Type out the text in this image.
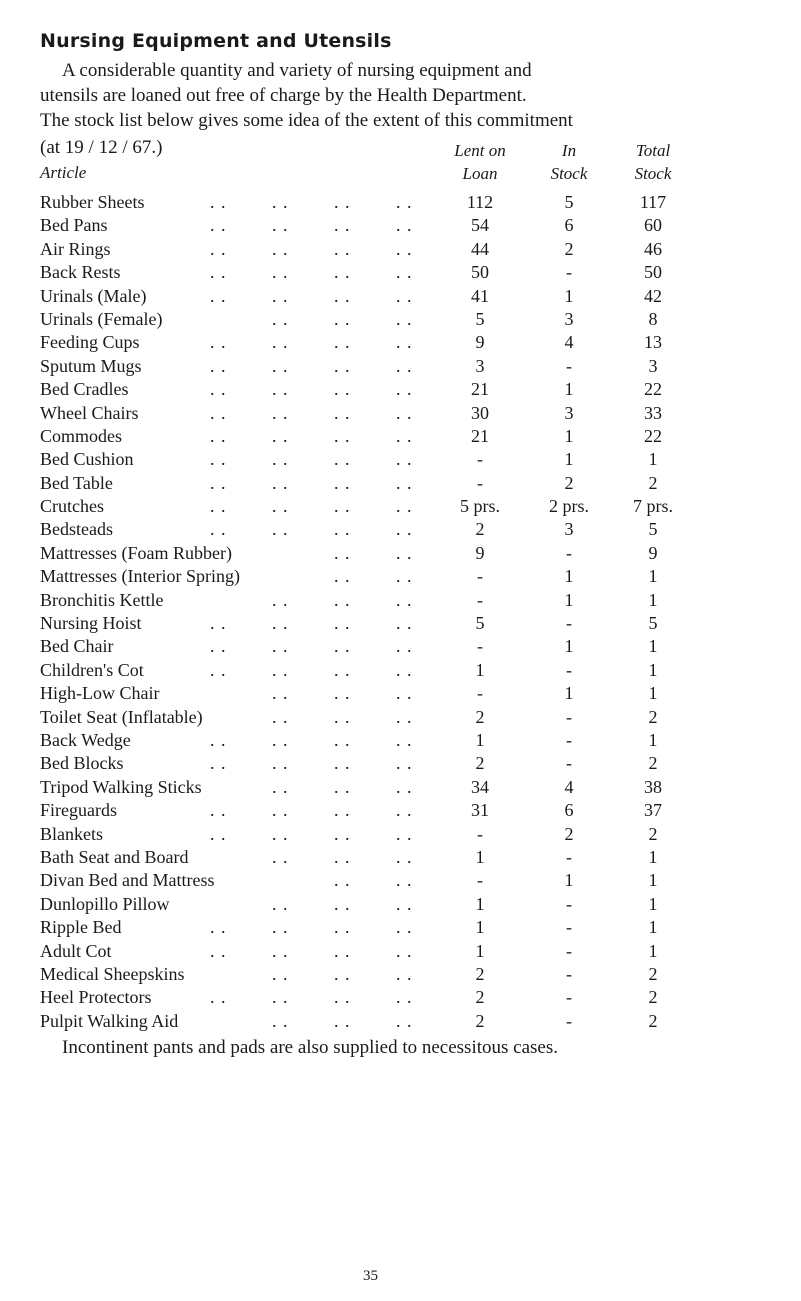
Nursing Equipment and Utensils

A considerable quantity and variety of nursing equipment and
utensils are loaned out free of charge by the Health Department.
The stock list below gives some idea of the extent of this commitment

(at 19 / 12 / 67.)
Article
Lent on
Loan
In
Stock
Total
Stock
Rubber Sheets	. .	. .	. .	. .	112	5	117
Bed Pans	. .	. .	. .	. .	54	6	60
Air Rings	. .	. .	. .	. .	44	2	46
Back Rests	. .	. .	. .	. .	50	-	50
Urinals (Male)	. .	. .	. .	. .	41	1	42
Urinals (Female)	. .	. .	. .	5	3	8
Feeding Cups	. .	. .	. .	. .	9	4	13
Sputum Mugs	. .	. .	. .	. .	3	-	3
Bed Cradles	. .	. .	. .	. .	21	1	22
Wheel Chairs	. .	. .	. .	. .	30	3	33
Commodes	. .	. .	. .	. .	21	1	22
Bed Cushion	. .	. .	. .	. .	-	1	1
Bed Table	. .	. .	. .	. .	-	2	2
Crutches	. .	. .	. .	. .	5 prs.	2 prs.	7 prs.
Bedsteads	. .	. .	. .	. .	2	3	5
Mattresses (Foam Rubber)	. .	. .	9	-	9
Mattresses (Interior Spring)	. .	. .	-	1	1
Bronchitis Kettle	. .	. .	. .	-	1	1
Nursing Hoist	. .	. .	. .	. .	5	-	5
Bed Chair	. .	. .	. .	. .	-	1	1
Children's Cot	. .	. .	. .	. .	1	-	1
High-Low Chair	. .	. .	. .	-	1	1
Toilet Seat (Inflatable)	. .	. .	. .	2	-	2
Back Wedge	. .	. .	. .	. .	1	-	1
Bed Blocks	. .	. .	. .	. .	2	-	2
Tripod Walking Sticks	. .	. .	. .	34	4	38
Fireguards	. .	. .	. .	. .	31	6	37
Blankets	. .	. .	. .	. .	-	2	2
Bath Seat and Board	. .	. .	. .	1	-	1
Divan Bed and Mattress	. .	. .	-	1	1
Dunlopillo Pillow	. .	. .	. .	1	-	1
Ripple Bed	. .	. .	. .	. .	1	-	1
Adult Cot	. .	. .	. .	. .	1	-	1
Medical Sheepskins	. .	. .	. .	2	-	2
Heel Protectors	. .	. .	. .	. .	2	-	2
Pulpit Walking Aid	. .	. .	. .	2	-	2
Incontinent pants and pads are also supplied to necessitous cases.
35
